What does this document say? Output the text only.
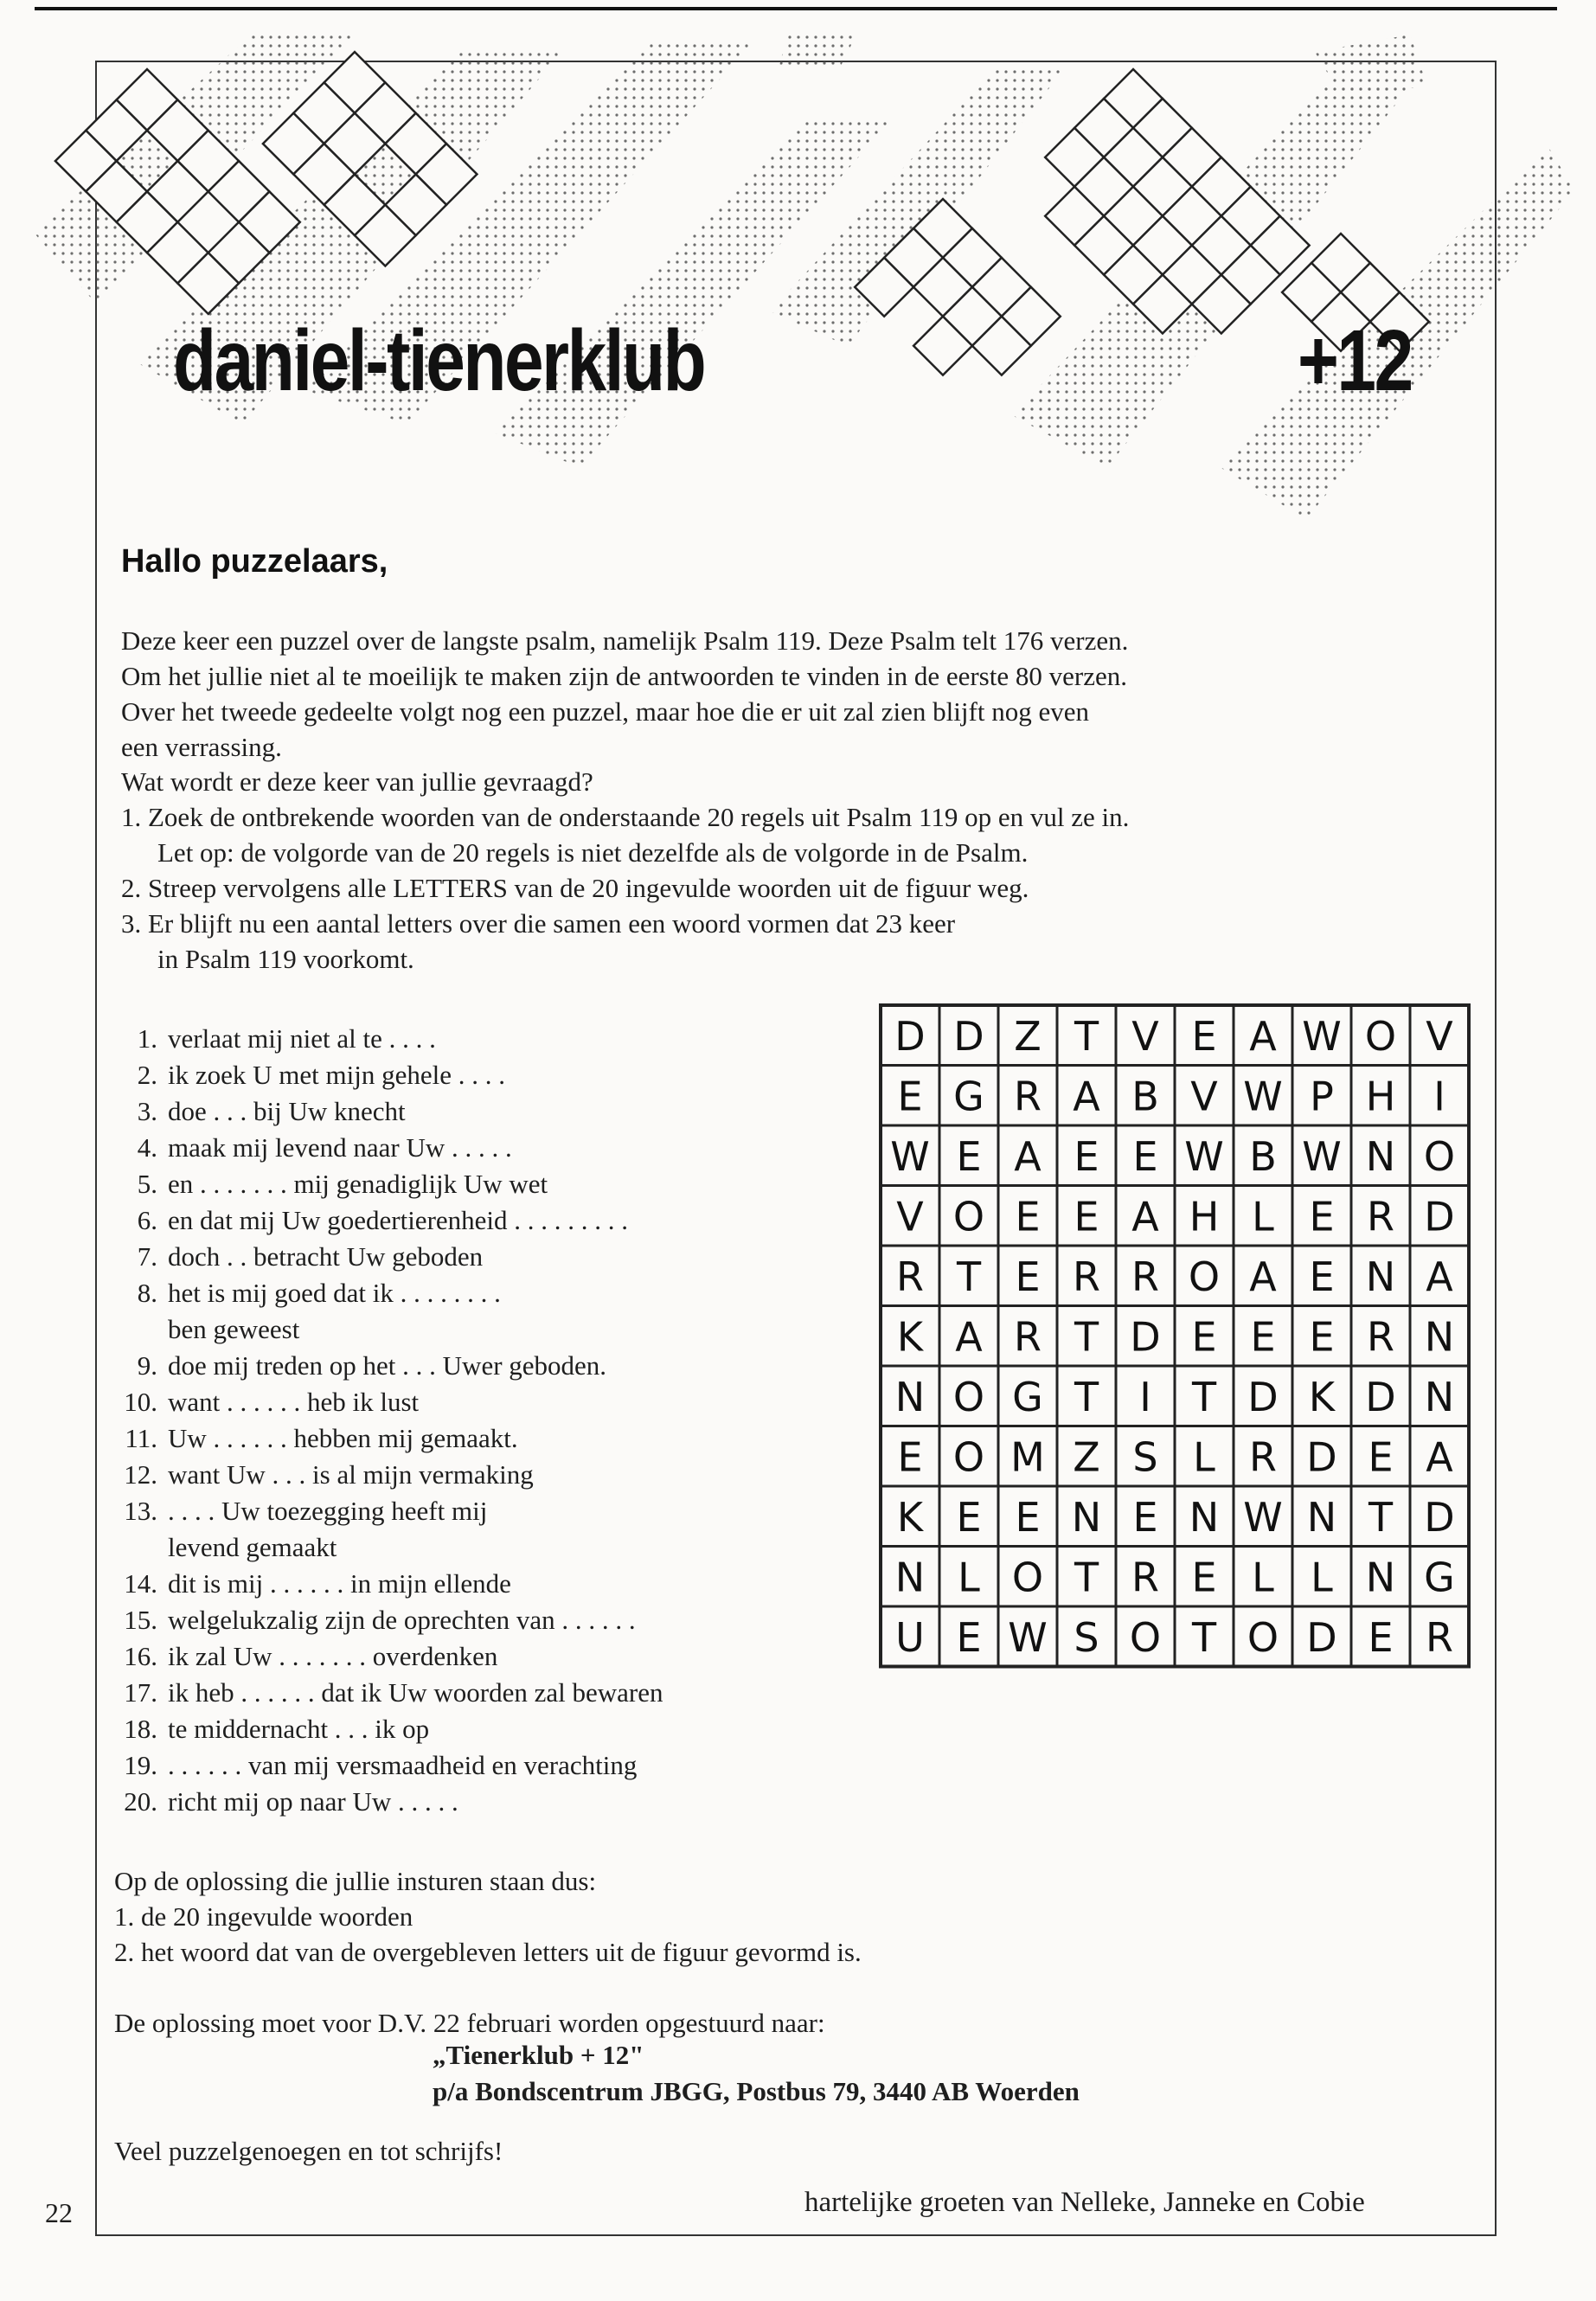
daniel-tienerklub	+12
Hallo puzzelaars,
Deze keer een puzzel over de langste psalm, namelijk Psalm 119. Deze Psalm telt 176 verzen.
Om het jullie niet al te moeilijk te maken zijn de antwoorden te vinden in de eerste 80 verzen.
Over het tweede gedeelte volgt nog een puzzel, maar hoe die er uit zal zien blijft nog even
een verrassing.
Wat wordt er deze keer van jullie gevraagd?
1. Zoek de ontbrekende woorden van de onderstaande 20 regels uit Psalm 119 op en vul ze in.
Let op: de volgorde van de 20 regels is niet dezelfde als de volgorde in de Psalm.
2. Streep vervolgens alle LETTERS van de 20 ingevulde woorden uit de figuur weg.
3. Er blijft nu een aantal letters over die samen een woord vormen dat 23 keer
in Psalm 119 voorkomt.
1. verlaat mij niet al te . . . .
2. ik zoek U met mijn gehele . . . .
3. doe . . . bij Uw knecht
4. maak mij levend naar Uw . . . . .
5. en . . . . . . . mij genadiglijk Uw wet
6. en dat mij Uw goedertierenheid . . . . . . . . .
7. doch . . betracht Uw geboden
8. het is mij goed dat ik . . . . . . . .
ben geweest
9. doe mij treden op het . . . Uwer geboden.
10. want . . . . . . heb ik lust
11. Uw . . . . . . hebben mij gemaakt.
12. want Uw . . . is al mijn vermaking
13. . . . . Uw toezegging heeft mij
levend gemaakt
14. dit is mij . . . . . . in mijn ellende
15. welgelukzalig zijn de oprechten van . . . . . .
16. ik zal Uw . . . . . . . overdenken
17. ik heb . . . . . . dat ik Uw woorden zal bewaren
18. te middernacht . . . ik op
19. . . . . . . van mij versmaadheid en verachting
20. richt mij op naar Uw . . . . .
D D Z T V E A W O V
E G R A B V W P H I
W E A E E W B W N O
V O E E A H L E R D
R T E R R O A E N A
K A R T D E E E R N
N O G T I T D K D N
E O M Z S L R D E A
K E E N E N W N T D
N L O T R E L L N G
U E W S O T O D E R
Op de oplossing die jullie insturen staan dus:
1. de 20 ingevulde woorden
2. het woord dat van de overgebleven letters uit de figuur gevormd is.
De oplossing moet voor D.V. 22 februari worden opgestuurd naar:
„Tienerklub + 12"
p/a Bondscentrum JBGG, Postbus 79, 3440 AB Woerden
Veel puzzelgenoegen en tot schrijfs!
hartelijke groeten van Nelleke, Janneke en Cobie
22
